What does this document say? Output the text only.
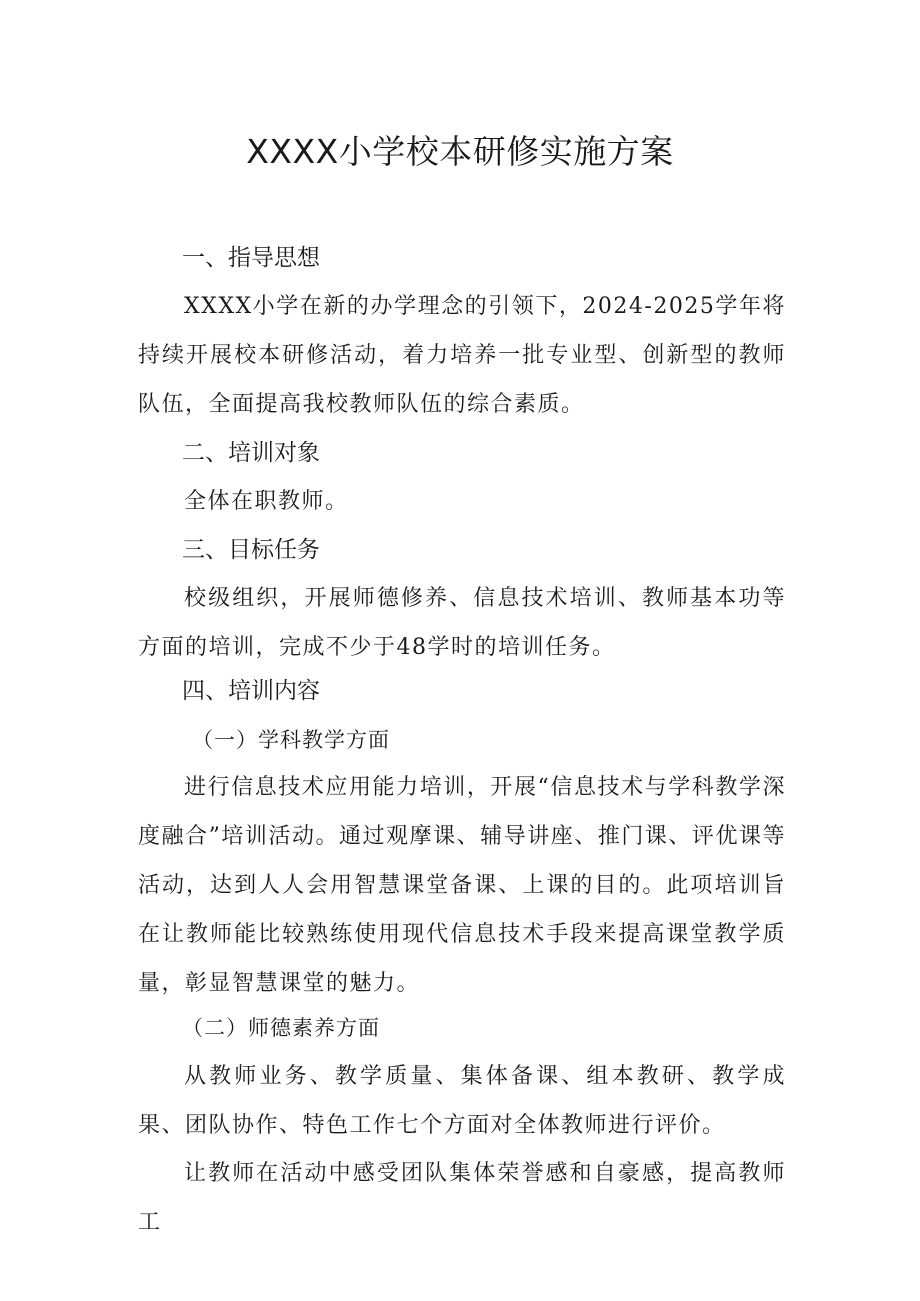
XXXX小学校本研修实施方案
一、指导思想

XXXX小学在新的办学理念的引领下，2024-2025学年将持续开展校本研修活动，着力培养一批专业型、创新型的教师队伍，全面提高我校教师队伍的综合素质。

二、培训对象

全体在职教师。

三、目标任务

校级组织，开展师德修养、信息技术培训、教师基本功等方面的培训，完成不少于48学时的培训任务。

四、培训内容

（一）学科教学方面

进行信息技术应用能力培训，开展“信息技术与学科教学深度融合”培训活动。通过观摩课、辅导讲座、推门课、评优课等活动，达到人人会用智慧课堂备课、上课的目的。此项培训旨在让教师能比较熟练使用现代信息技术手段来提高课堂教学质量，彰显智慧课堂的魅力。

（二）师德素养方面

从教师业务、教学质量、集体备课、组本教研、教学成果、团队协作、特色工作七个方面对全体教师进行评价。

让教师在活动中感受团队集体荣誉感和自豪感，提高教师工
